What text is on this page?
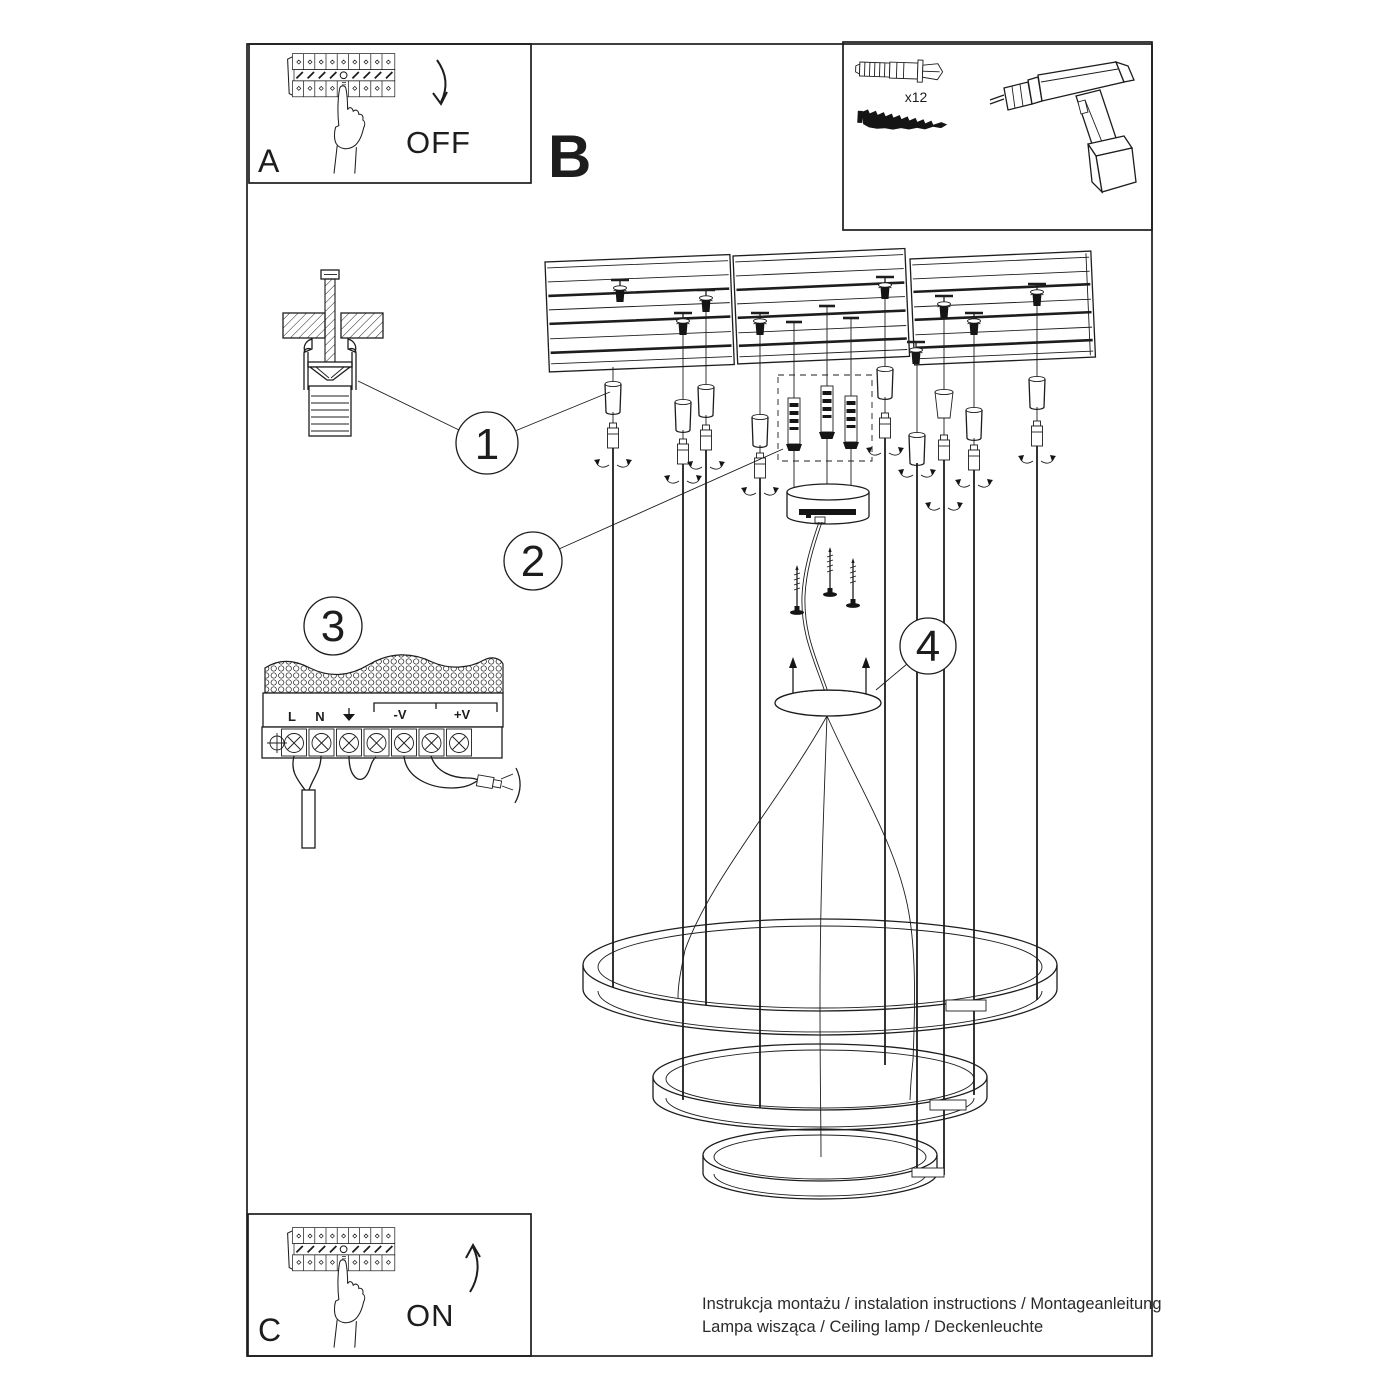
A
OFF B
x12
L N	-V	+V
1
2
3	4
C	ON	Instrukcja montażu / instalation instructions / Montageanleitung
Lampa wisząca / Ceiling lamp / Deckenleuchte
